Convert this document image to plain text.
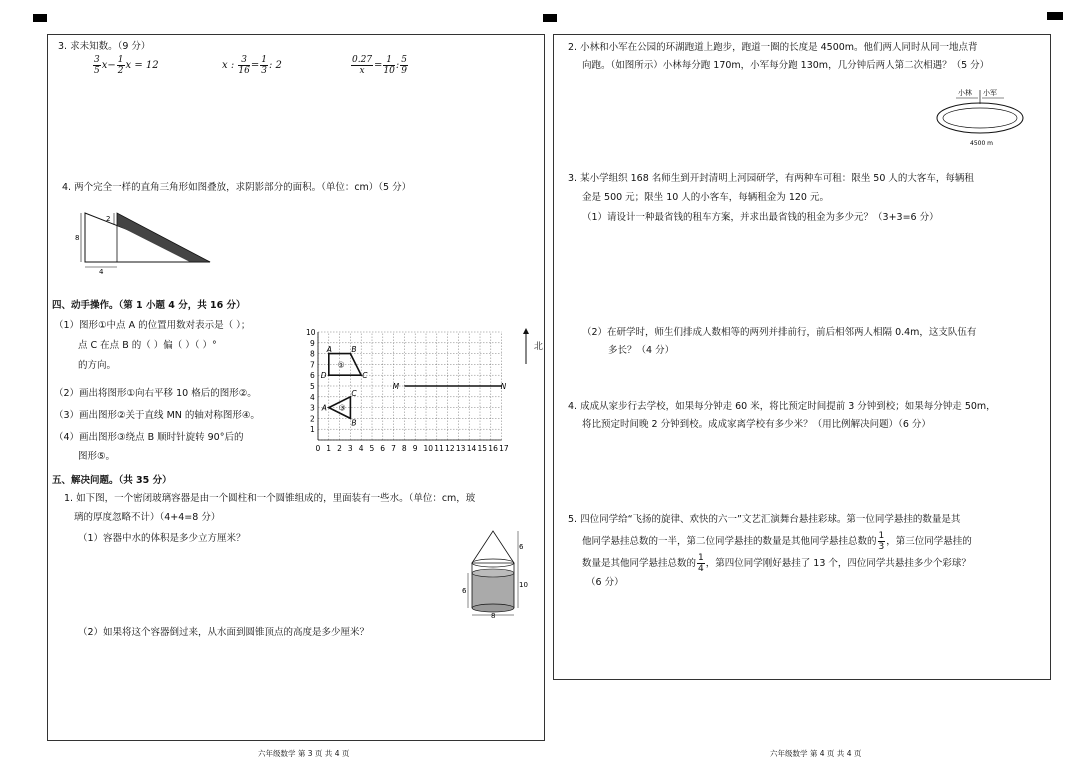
3. 求未知数。（9 分）
$\frac{3}{5} x- \frac{1}{2}$ x = 12	x : $\frac{3}{16} = \frac{1}{3}$ : 2	$\frac{0.27}{x} = \frac{1}{10}$ : $\frac{5}{9}$
4. 两个完全一样的直角三角形如图叠放，求阴影部分的面积。（单位：cm）（5 分）
8
4
2
四、动手操作。（第 1 小题 4 分，共 16 分）
（1）图形①中点 A 的位置用数对表示是（ ）；
点 C 在点 B 的（ ）偏（ ）（ ）°
的方向。
（2）画出将图形①向右平移 10 格后的图形②。
（3）画出图形②关于直线 MN 的轴对称图形④。
（4）画出图形③绕点 B 顺时针旋转 90°后的
图形⑤。
1 2 3 4 5 6 7 8 9 10 11 12 13 14 15 16 17
0
10
9
8
7
6
5
4
3
2
1
A	B
D	C
A
C
B
M	N
①
③
北
五、解决问题。（共 35 分）
1. 如下图，一个密闭玻璃容器是由一个圆柱和一个圆锥组成的，里面装有一些水。（单位：cm，玻
璃的厚度忽略不计）（4+4=8 分）
（1）容器中水的体积是多少立方厘米？
（2）如果将这个容器倒过来，从水面到圆锥顶点的高度是多少厘米？
6
10
6
8
六年级数学 第 3 页 共 4 页
2. 小林和小军在公园的环湖跑道上跑步，跑道一圈的长度是 4500m。他们两人同时从同一地点背
向跑。（如图所示）小林每分跑 170m，小军每分跑 130m，几分钟后两人第二次相遇？（5 分）
小林 小军
4500 m
3. 某小学组织 168 名师生到开封清明上河园研学，有两种车可租：限坐 50 人的大客车，每辆租
金是 500 元；限坐 10 人的小客车，每辆租金为 120 元。
（1）请设计一种最省钱的租车方案，并求出最省钱的租金为多少元？（3+3=6 分）
（2）在研学时，师生们排成人数相等的两列并排前行，前后相邻两人相隔 0.4m，这支队伍有
多长？（4 分）
4. 成成从家步行去学校，如果每分钟走 60 米，将比预定时间提前 3 分钟到校；如果每分钟走 50m，
将比预定时间晚 2 分钟到校。成成家离学校有多少米？（用比例解决问题）（6 分）
5. 四位同学给“飞扬的旋律、欢快的六一”文艺汇演舞台悬挂彩球。第一位同学悬挂的数量是其
他同学悬挂总数的一半，第二位同学悬挂的数量是其他同学悬挂总数的 $\frac{1}{3}$ ，第三位同学悬挂的
数量是其他同学悬挂总数的 $\frac{1}{4}$ ，第四位同学刚好悬挂了 13 个，四位同学共悬挂多少个彩球？
（6 分）
六年级数学 第 4 页 共 4 页
